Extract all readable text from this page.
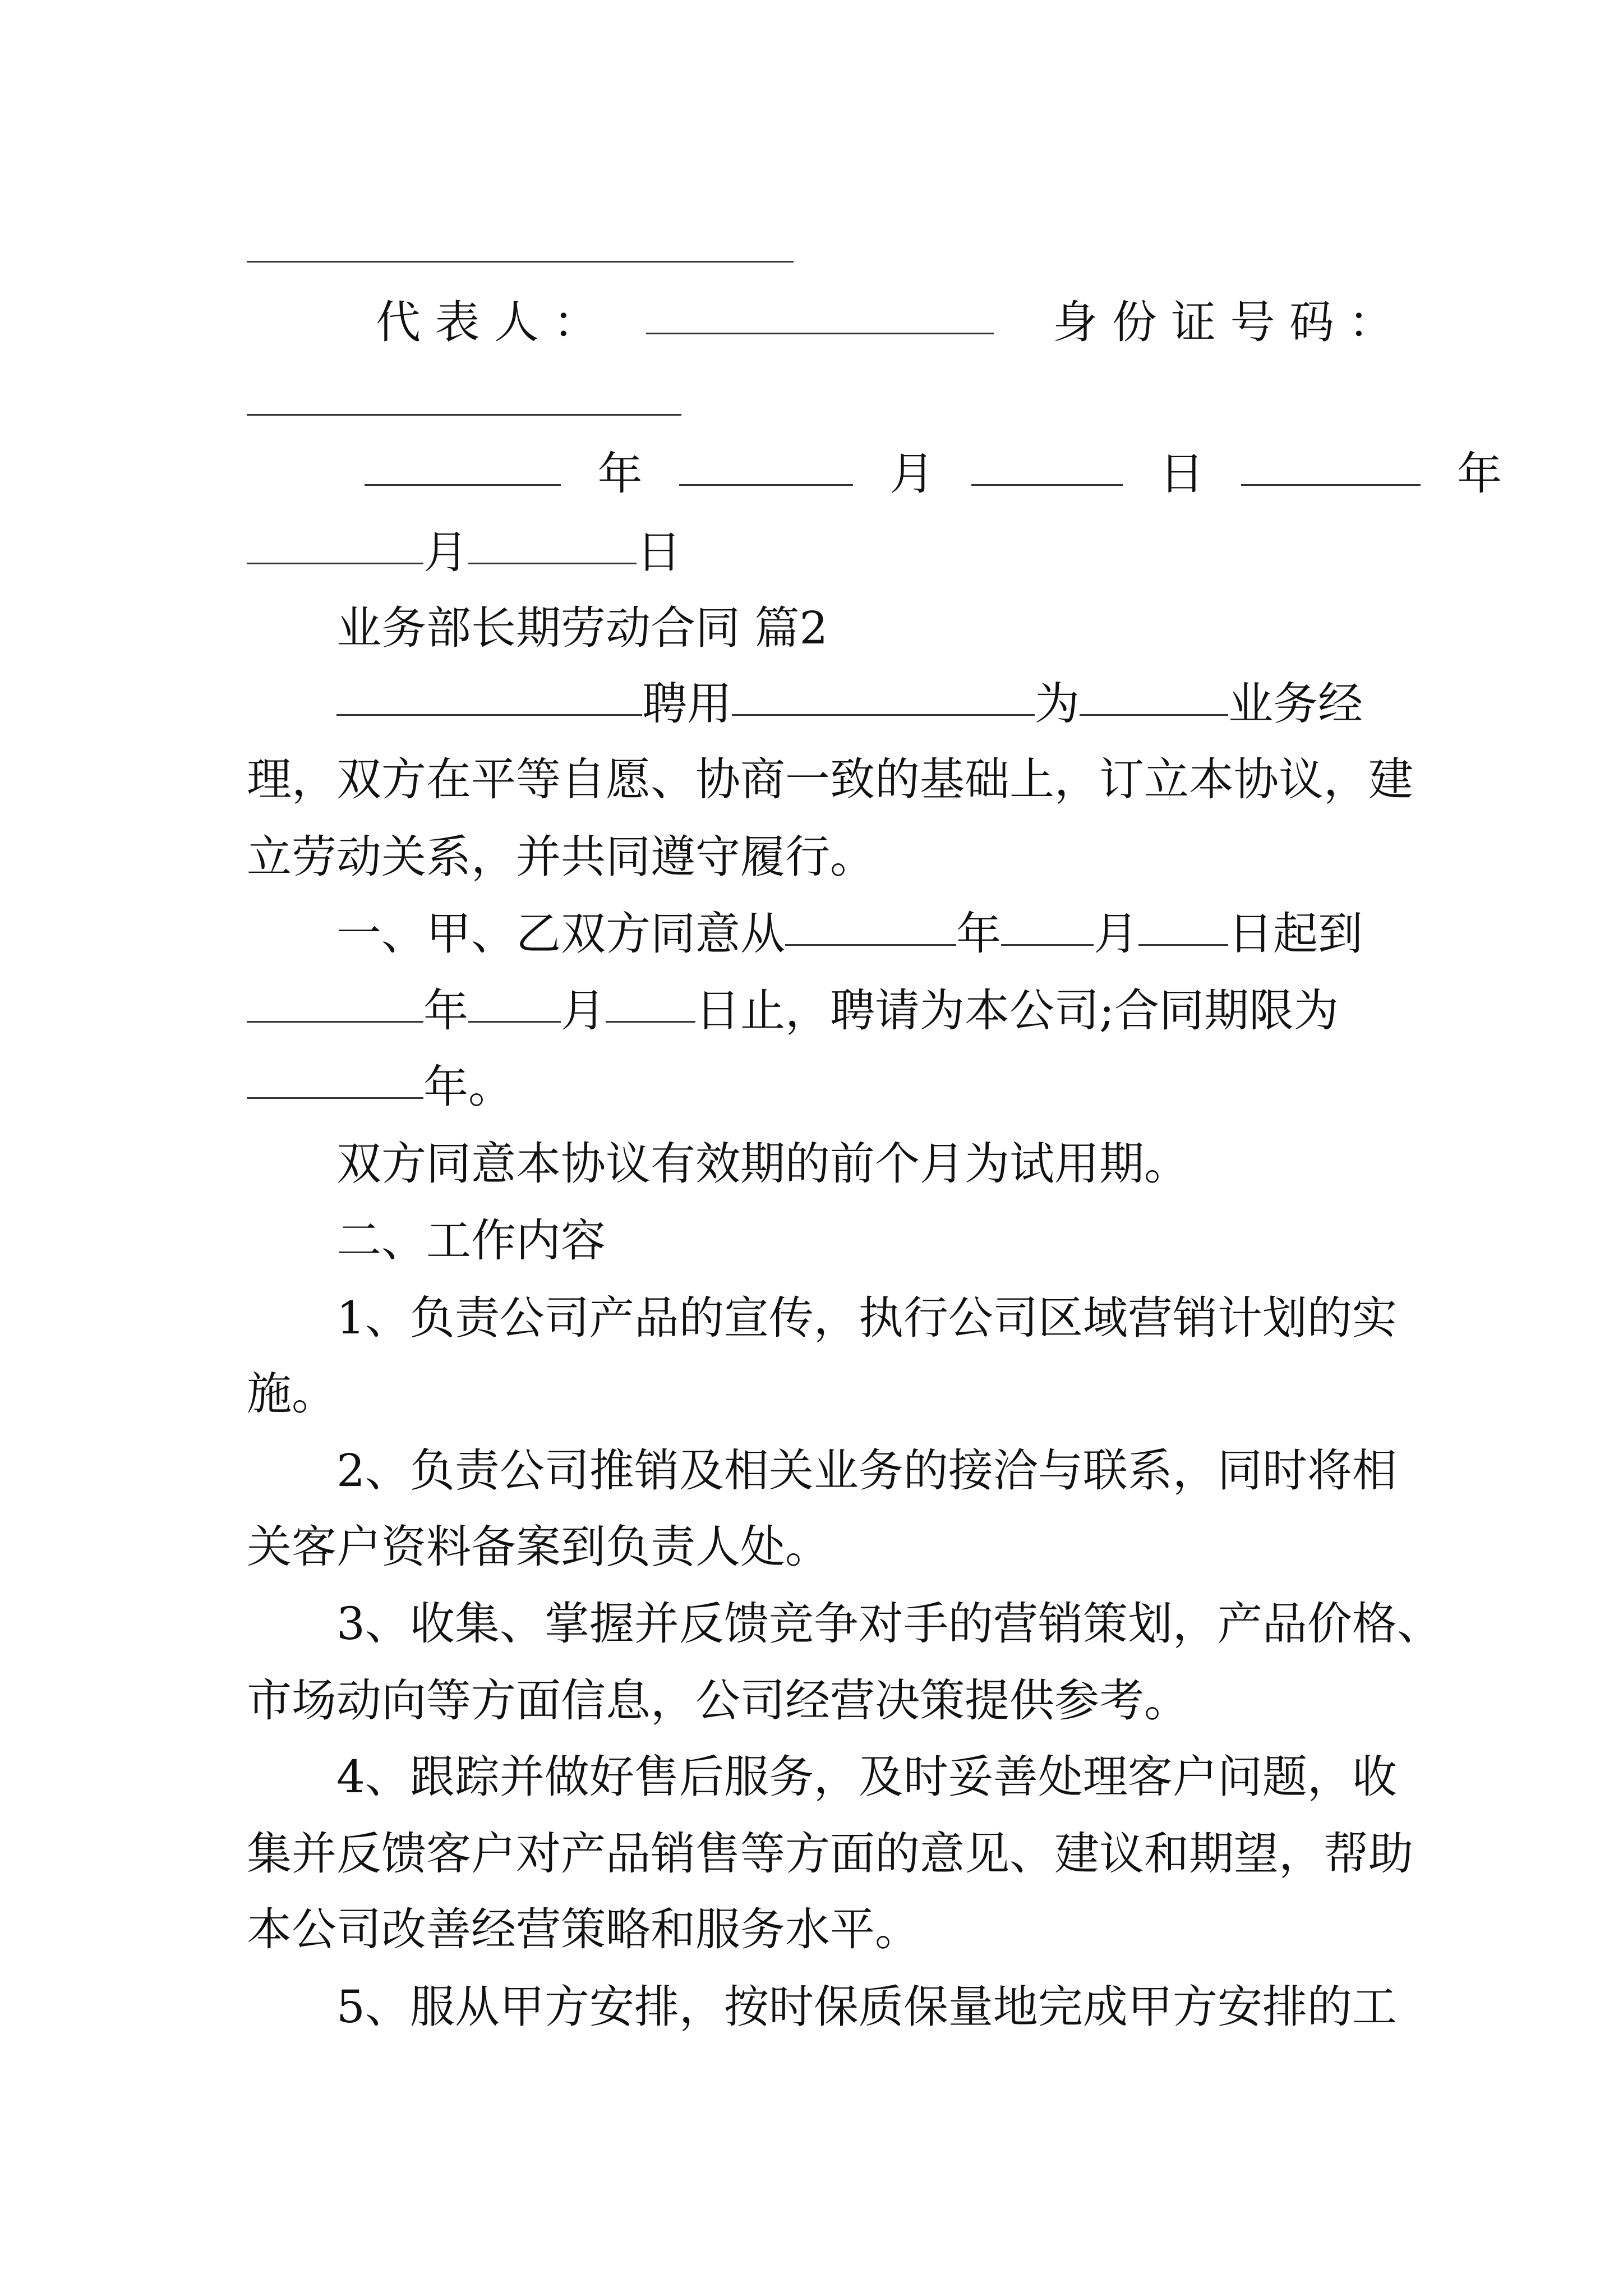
代 表 人 ：	身 份 证 号 码 ：
年	月	日	年
月	日
业务部长期劳动合同 篇2
聘用	为	业务经
理，双方在平等自愿、协商一致的基础上，订立本协议，建
立劳动关系，并共同遵守履行。
一、甲、乙双方同意从	年 月 日起到
年 月 日止，聘请为本公司;合同期限为
年。
双方同意本协议有效期的前个月为试用期。
二、工作内容
1、负责公司产品的宣传，执行公司区域营销计划的实
施。
2、负责公司推销及相关业务的接洽与联系，同时将相
关客户资料备案到负责人处。
3、收集、掌握并反馈竞争对手的营销策划，产品价格、
市场动向等方面信息，公司经营决策提供参考。
4、跟踪并做好售后服务，及时妥善处理客户问题，收
集并反馈客户对产品销售等方面的意见、建议和期望，帮助
本公司改善经营策略和服务水平。
5、服从甲方安排，按时保质保量地完成甲方安排的工
